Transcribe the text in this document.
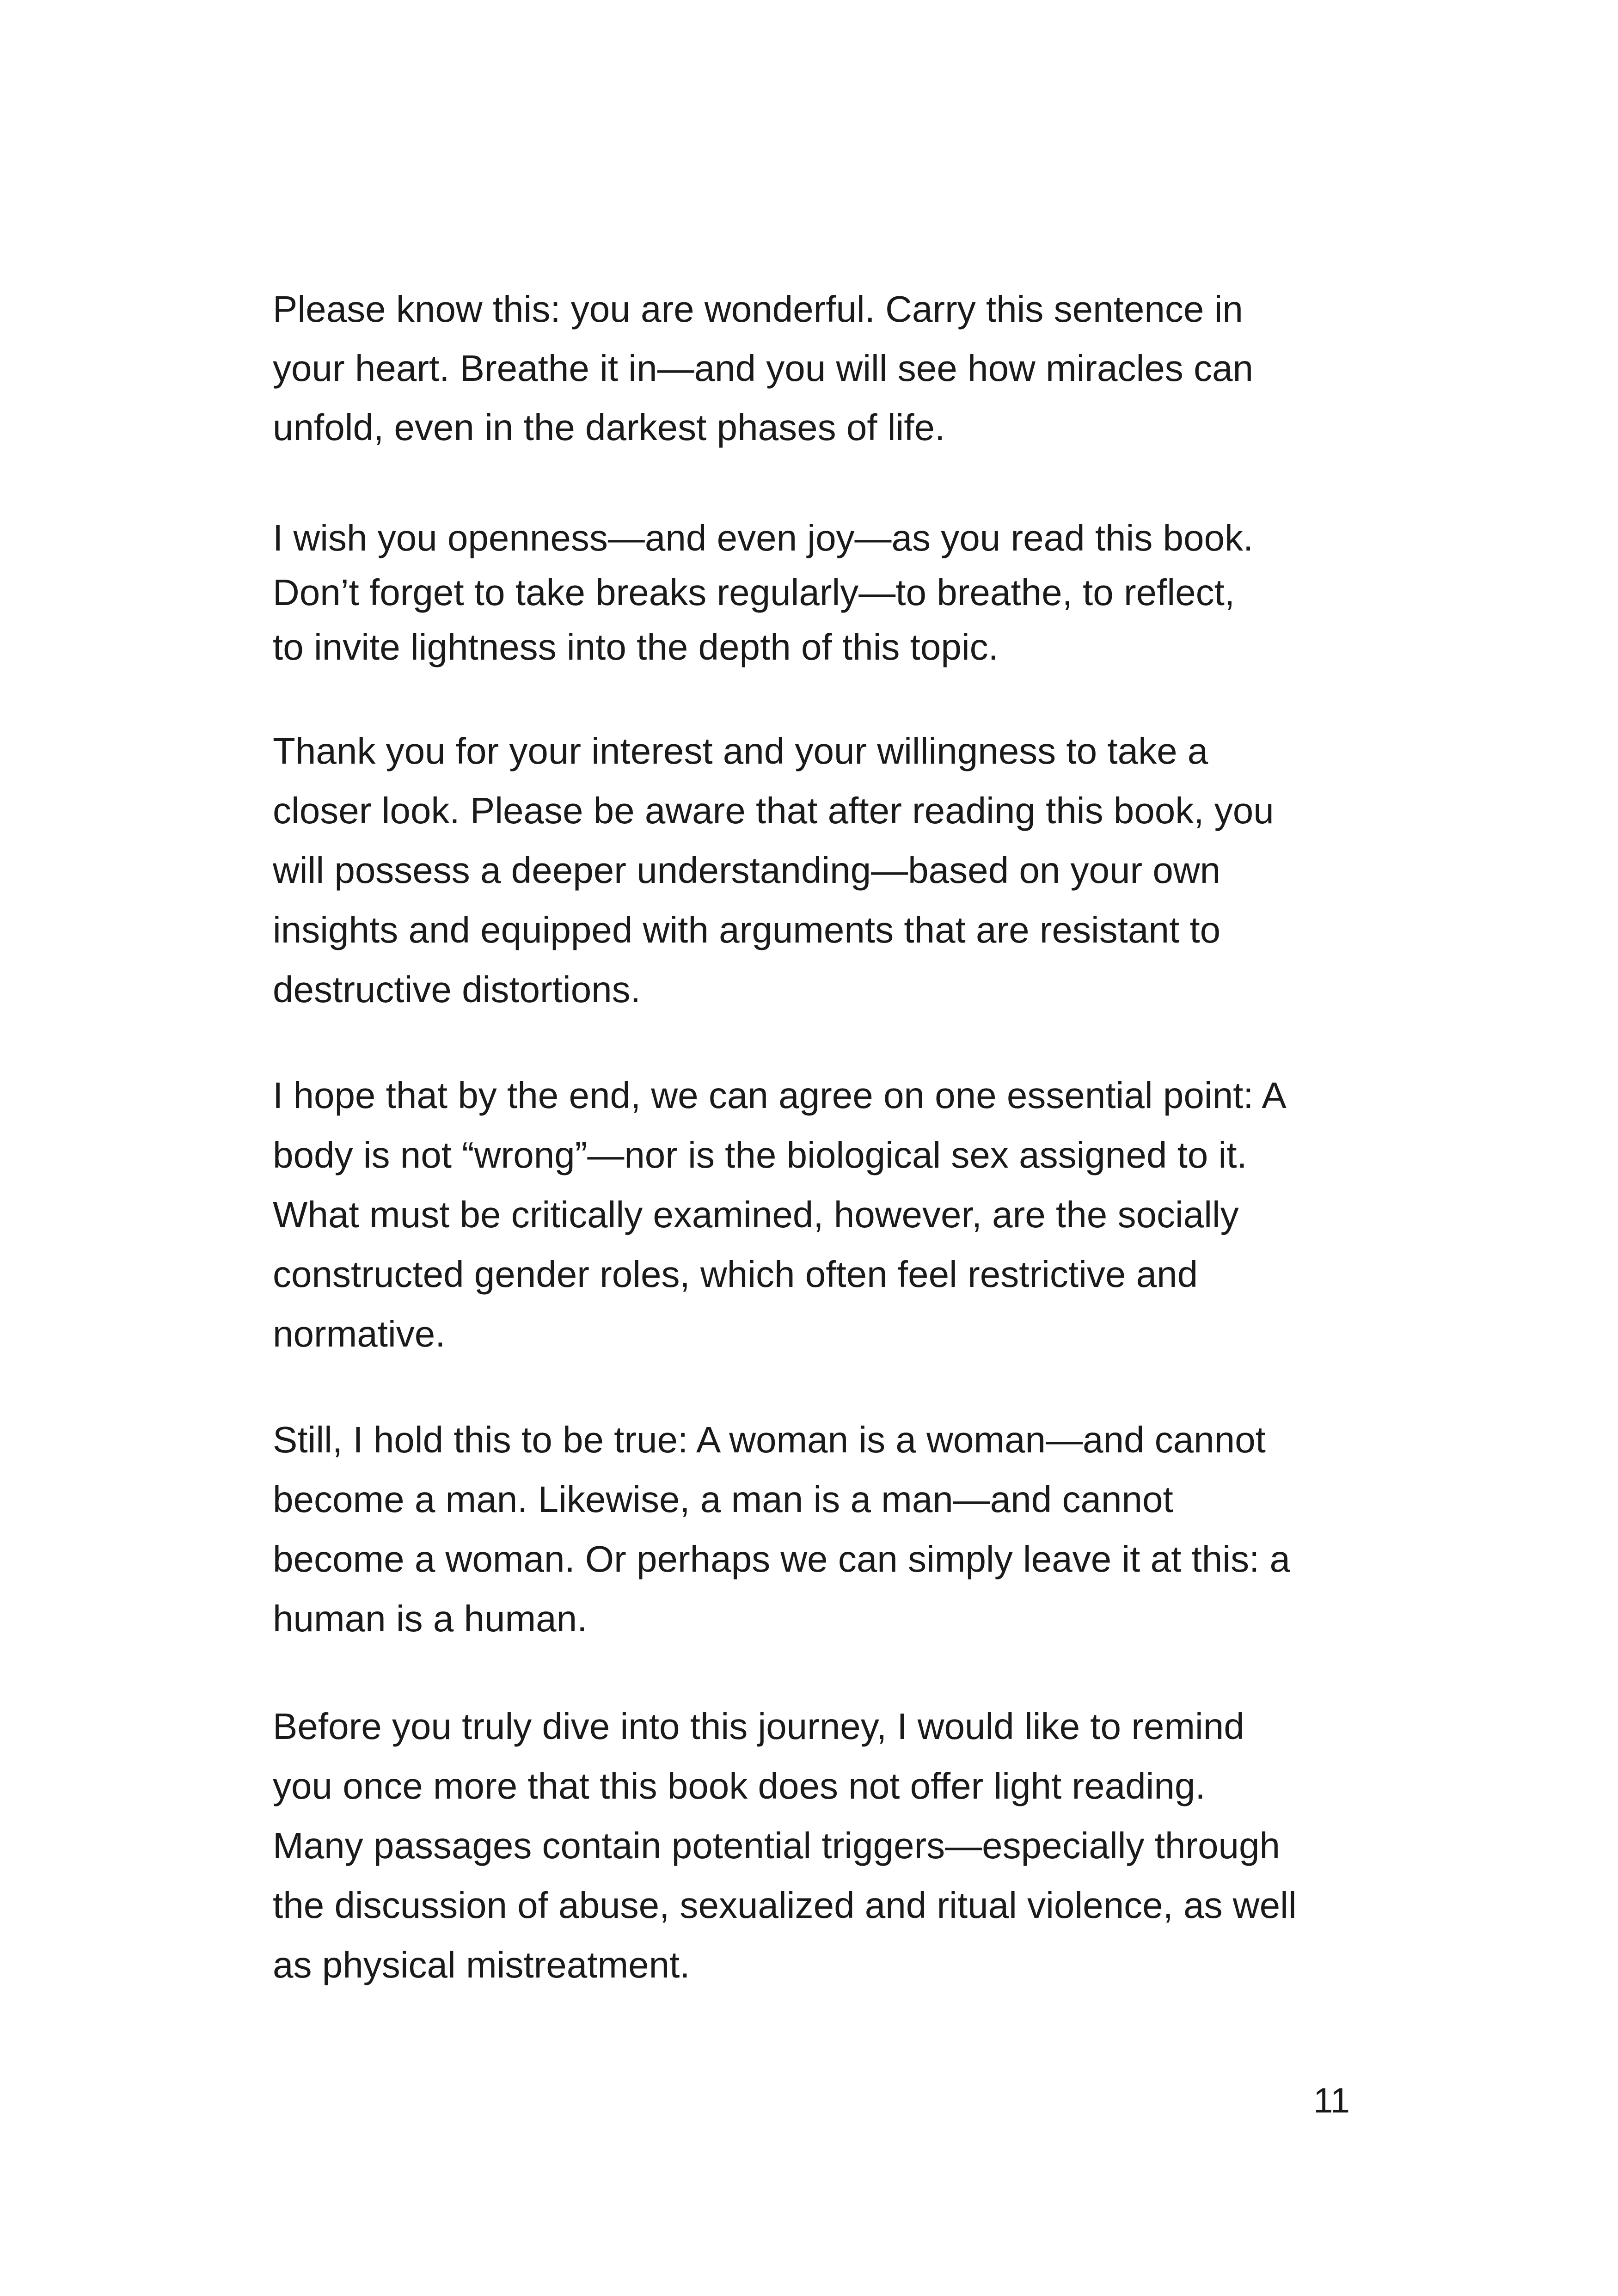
Please know this: you are wonderful. Carry this sentence in
your heart. Breathe it in—and you will see how miracles can
unfold, even in the darkest phases of life.

I wish you openness—and even joy—as you read this book.
Don’t forget to take breaks regularly—to breathe, to reflect,
to invite lightness into the depth of this topic.

Thank you for your interest and your willingness to take a
closer look. Please be aware that after reading this book, you
will possess a deeper understanding—based on your own
insights and equipped with arguments that are resistant to
destructive distortions.

I hope that by the end, we can agree on one essential point: A
body is not “wrong”—nor is the biological sex assigned to it.
What must be critically examined, however, are the socially
constructed gender roles, which often feel restrictive and
normative.

Still, I hold this to be true: A woman is a woman—and cannot
become a man. Likewise, a man is a man—and cannot
become a woman. Or perhaps we can simply leave it at this: a
human is a human.

Before you truly dive into this journey, I would like to remind
you once more that this book does not offer light reading.
Many passages contain potential triggers—especially through
the discussion of abuse, sexualized and ritual violence, as well
as physical mistreatment.

11
